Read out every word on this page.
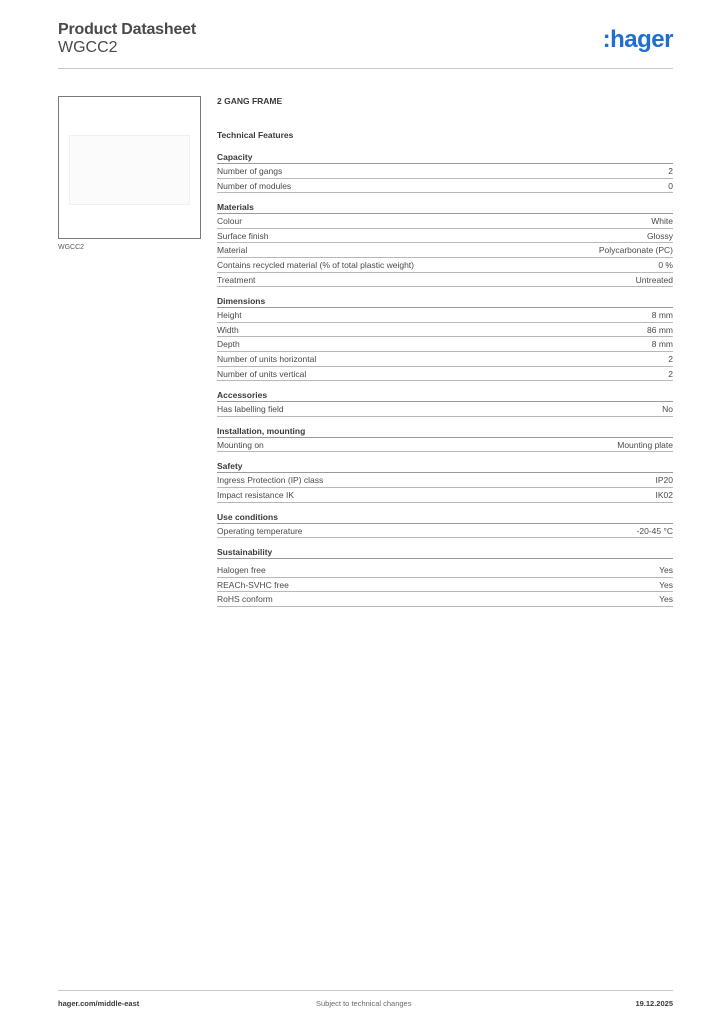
Product Datasheet
WGCC2	:hager
WGCC2
2 GANG FRAME
Technical Features
Capacity
Number of gangs	2
Number of modules	0
Materials
Colour	White
Surface finish	Glossy
Material	Polycarbonate (PC)
Contains recycled material (% of total plastic weight)	0 %
Treatment	Untreated
Dimensions
Height	8 mm
Width	86 mm
Depth	8 mm
Number of units horizontal	2
Number of units vertical	2
Accessories
Has labelling field	No
Installation, mounting
Mounting on	Mounting plate
Safety
Ingress Protection (IP) class	IP20
Impact resistance IK	IK02
Use conditions
Operating temperature	-20-45 °C
Sustainability
Halogen free	Yes
REACh-SVHC free	Yes
RoHS conform	Yes
hager.com/middle-east	Subject to technical changes	19.12.2025
